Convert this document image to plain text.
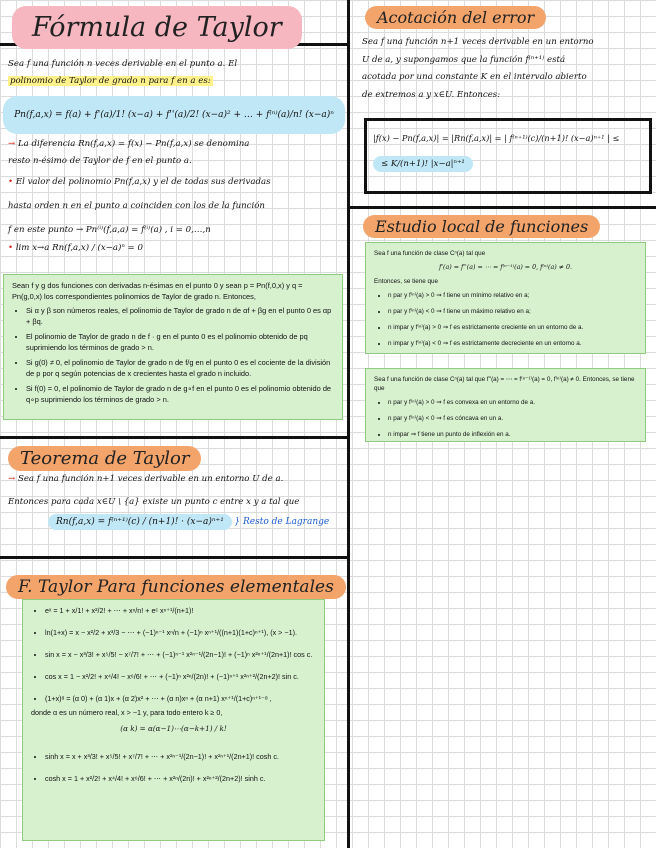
Fórmula de Taylor
Sea f una función n veces derivable en el punto a. El
polinomio de Taylor de grado n para f en a es:
Pn(f,a,x) = f(a) + f'(a)/1! (x−a) + f''(a)/2! (x−a)² + … + f⁽ⁿ⁾(a)/n! (x−a)ⁿ
→ La diferencia Rn(f,a,x) = f(x) − Pn(f,a,x) se denomina
resto n-ésimo de Taylor de f en el punto a.
• El valor del polinomio Pn(f,a,x) y el de todas sus derivadas
hasta orden n en el punto a coinciden con los de la función
f en este punto → Pn⁽ⁱ⁾(f,a,a) = f⁽ⁱ⁾(a) , i = 0,…,n
• lim x→a Rn(f,a,x) / (x−a)ⁿ = 0
Sean f y g dos funciones con derivadas n-ésimas en el punto 0 y sean p = Pn(f,0,x) y q = Pn(g,0,x) los correspondientes polinomios de Taylor de grado n. Entonces,
• Si α y β son números reales, el polinomio de Taylor de grado n de αf + βg en el punto 0 es αp + βq.
• El polinomio de Taylor de grado n de f · g en el punto 0 es el polinomio obtenido de pq suprimiendo los términos de grado > n.
• Si g(0) ≠ 0, el polinomio de Taylor de grado n de f/g en el punto 0 es el cociente de la división de p por q según potencias de x crecientes hasta el grado n incluido.
• Si f(0) = 0, el polinomio de Taylor de grado n de g∘f en el punto 0 es el polinomio obtenido de q∘p suprimiendo los términos de grado > n.
Teorema de Taylor
→ Sea f una función n+1 veces derivable en un entorno U de a.
Entonces para cada x∈U \ {a} existe un punto c entre x y a tal que
Rn(f,a,x) = f⁽ⁿ⁺¹⁾(c) / (n+1)! · (x−a)ⁿ⁺¹ } Resto de Lagrange
F. Taylor Para funciones elementales
• eˣ = 1 + x/1! + x²/2! + ⋯ + xⁿ/n! + eᶜ xⁿ⁺¹/(n+1)!
• ln(1+x) = x − x²/2 + x³/3 − ⋯ + (−1)ⁿ⁻¹ xⁿ/n + (−1)ⁿ xⁿ⁺¹/((n+1)(1+c)ⁿ⁺¹), (x > −1).
• sin x = x − x³/3! + x⁵/5! − x⁷/7! + ⋯ + (−1)ⁿ⁻¹ x²ⁿ⁻¹/(2n−1)! + (−1)ⁿ x²ⁿ⁺¹/(2n+1)! cos c.
• cos x = 1 − x²/2! + x⁴/4! − x⁶/6! + ⋯ + (−1)ⁿ x²ⁿ/(2n)! + (−1)ⁿ⁺¹ x²ⁿ⁺²/(2n+2)! sin c.
• (1+x)ᵅ = (α 0) + (α 1)x + (α 2)x² + ⋯ + (α n)xⁿ + (α n+1) xⁿ⁺¹/(1+c)ⁿ⁺¹⁻ᵅ ,
donde α es un número real, x > −1 y, para todo entero k ≥ 0,
(α k) = α(α−1)⋯(α−k+1) / k!
• sinh x = x + x³/3! + x⁵/5! + x⁷/7! + ⋯ + x²ⁿ⁻¹/(2n−1)! + x²ⁿ⁺¹/(2n+1)! cosh c.
• cosh x = 1 + x²/2! + x⁴/4! + x⁶/6! + ⋯ + x²ⁿ/(2n)! + x²ⁿ⁺²/(2n+2)! sinh c.
Acotación del error
Sea f una función n+1 veces derivable en un entorno
U de a, y supongamos que la función f⁽ⁿ⁺¹⁾ está
acotada por una constante K en el intervalo abierto
de extremos a y x∈U. Entonces:
|f(x) − Pn(f,a,x)| = |Rn(f,a,x)| = | f⁽ⁿ⁺¹⁾(c)/(n+1)! (x−a)ⁿ⁺¹ | ≤
≤ K/(n+1)! |x−a|ⁿ⁺¹
Estudio local de funciones
Sea f una función de clase Cⁿ(a) tal que
f'(a) = f''(a) = ⋯ = f⁽ⁿ⁻¹⁾(a) = 0, f⁽ⁿ⁾(a) ≠ 0.
Entonces, se tiene que
• n par y f⁽ⁿ⁾(a) > 0 ⇒ f tiene un mínimo relativo en a;
• n par y f⁽ⁿ⁾(a) < 0 ⇒ f tiene un máximo relativo en a;
• n impar y f⁽ⁿ⁾(a) > 0 ⇒ f es estrictamente creciente en un entorno de a.
• n impar y f⁽ⁿ⁾(a) < 0 ⇒ f es estrictamente decreciente en un entorno a.
Sea f una función de clase Cⁿ(a) tal que f''(a) = ⋯ = f⁽ⁿ⁻¹⁾(a) = 0, f⁽ⁿ⁾(a) ≠ 0. Entonces, se tiene que
• n par y f⁽ⁿ⁾(a) > 0 ⇒ f es convexa en un entorno de a.
• n par y f⁽ⁿ⁾(a) < 0 ⇒ f es cóncava en un a.
• n impar ⇒ f tiene un punto de inflexión en a.
